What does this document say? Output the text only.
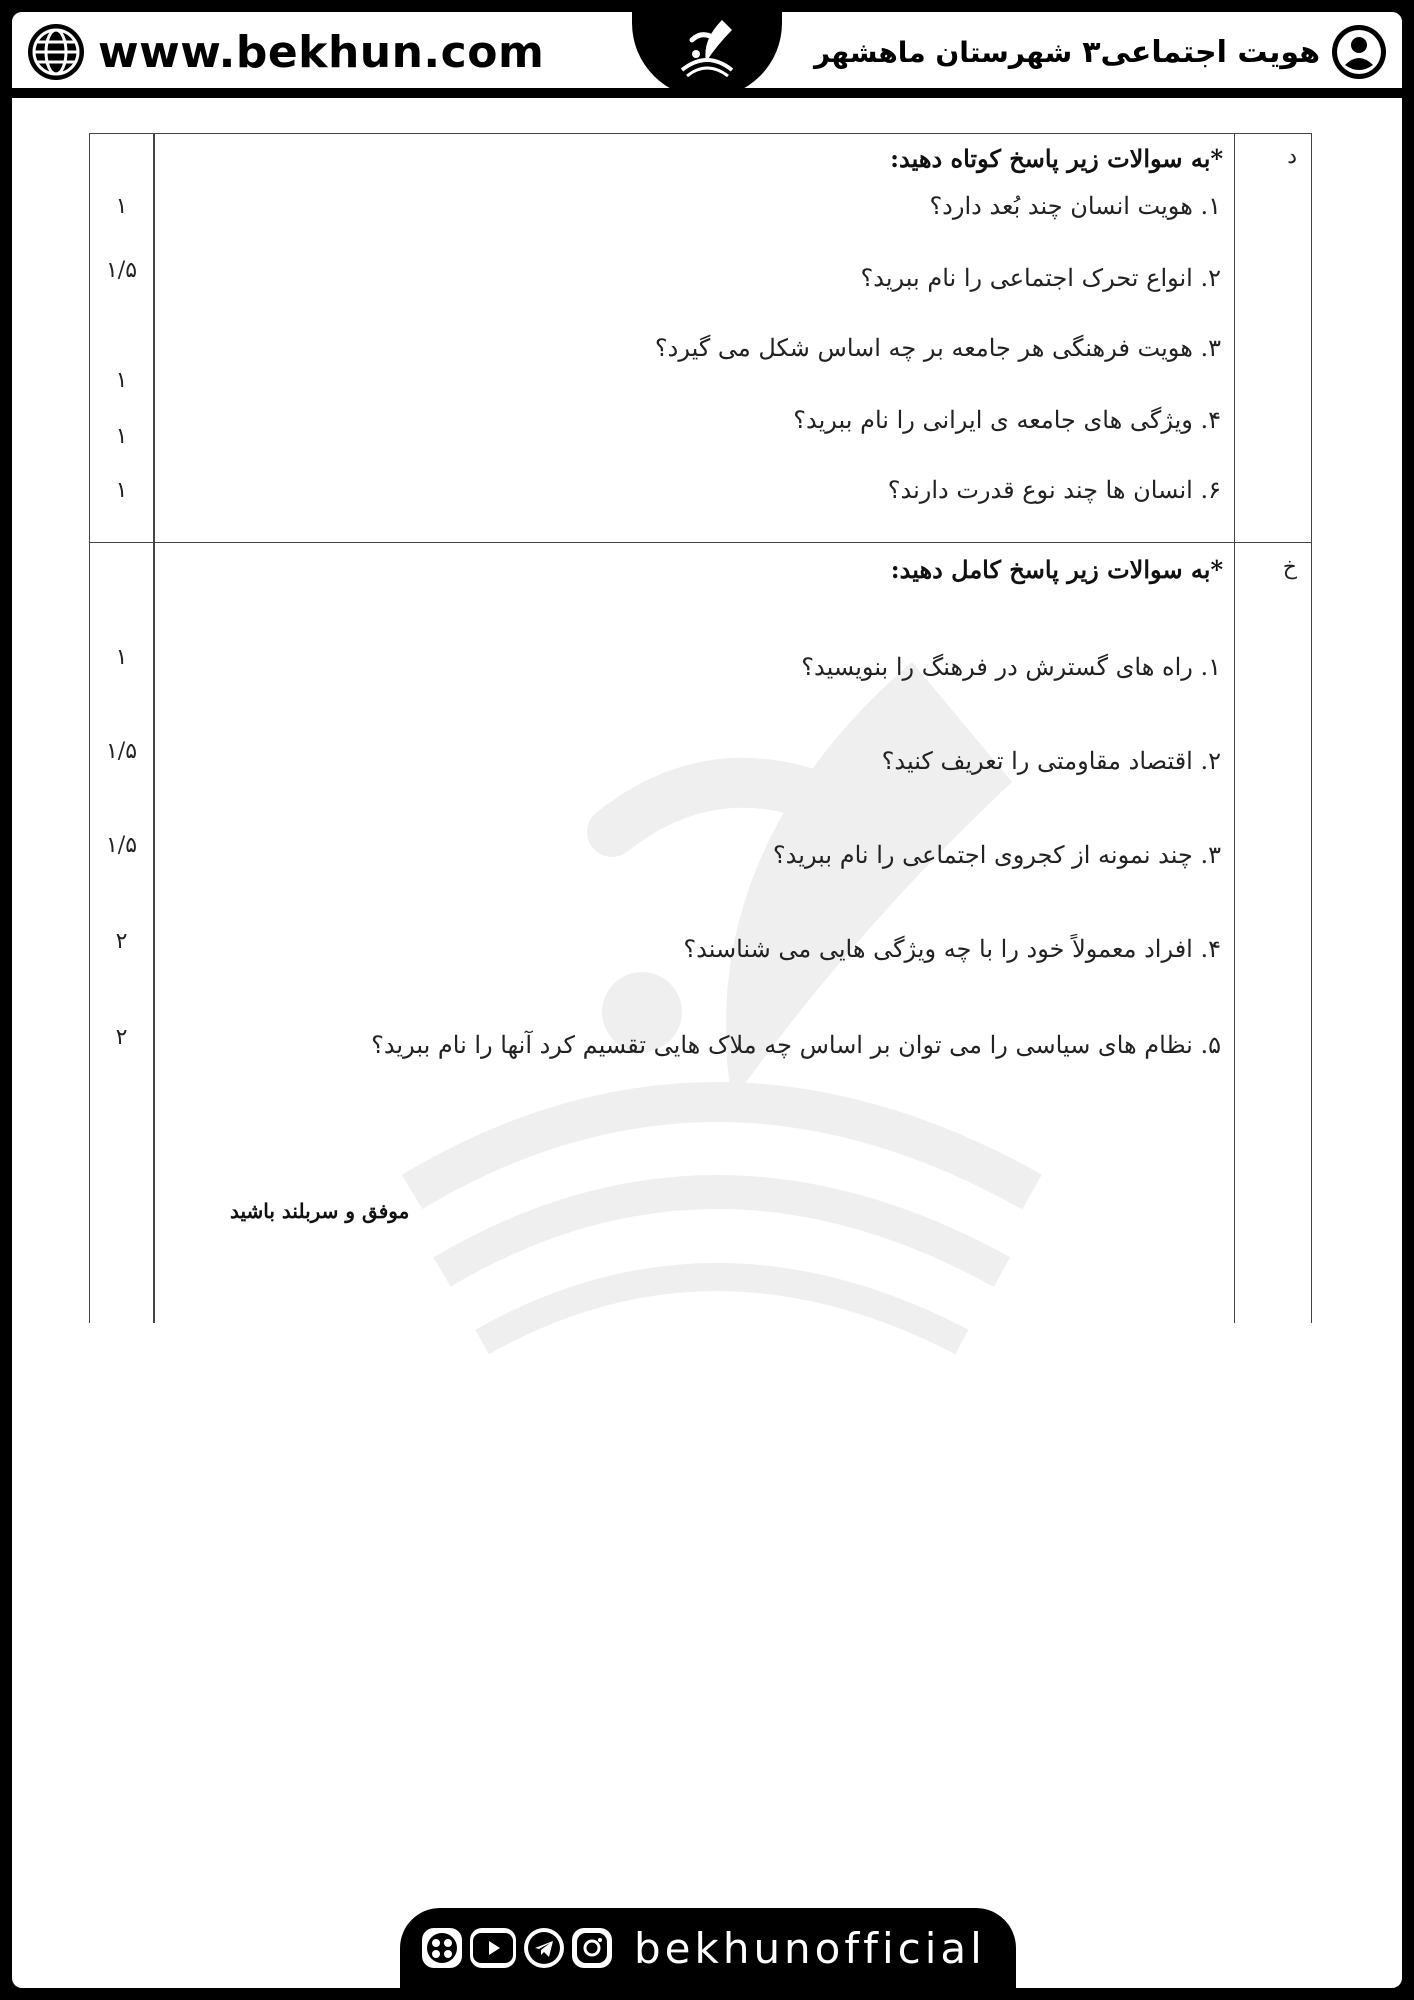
www.bekhun.com	هویت اجتماعی۳
شهرستان ماهشهر
د
*به سوالات زیر پاسخ کوتاه دهید:
۱. هویت انسان چند بُعد دارد؟
۲. انواع تحرک اجتماعی را نام ببرید؟
۳. هویت فرهنگی هر جامعه بر چه اساس شکل می گیرد؟
۴. ویژگی های جامعه ی ایرانی را نام ببرید؟
۶. انسان ها چند نوع قدرت دارند؟
۱
۱/۵
۱
۱
۱
خ
*به سوالات زیر پاسخ کامل دهید:
۱. راه های گسترش در فرهنگ را بنویسید؟
۲. اقتصاد مقاومتی را تعریف کنید؟
۳. چند نمونه از کجروی اجتماعی را نام ببرید؟
۴. افراد معمولاً خود را با چه ویژگی هایی می شناسند؟
۵. نظام های سیاسی را می توان بر اساس چه ملاک هایی تقسیم کرد آنها را نام ببرید؟
۱
۱/۵
۱/۵
۲
۲
موفق و سربلند باشید
bekhunofficial
